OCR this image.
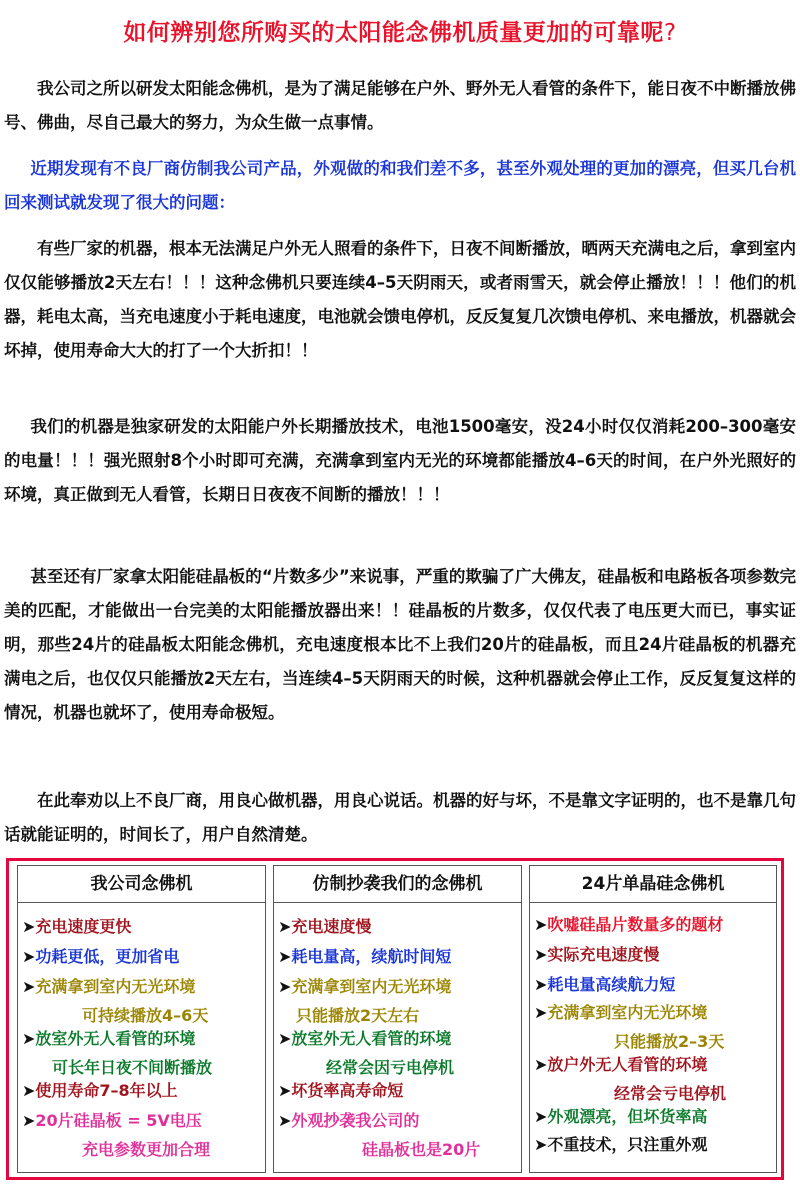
如何辨别您所购买的太阳能念佛机质量更加的可靠呢?
我公司之所以研发太阳能念佛机，是为了满足能够在户外、野外无人看管的条件下，能日夜不中断播放佛号、佛曲，尽自己最大的努力，为众生做一点事情。
近期发现有不良厂商仿制我公司产品，外观做的和我们差不多，甚至外观处理的更加的漂亮，但买几台机回来测试就发现了很大的问题：
有些厂家的机器，根本无法满足户外无人照看的条件下，日夜不间断播放，晒两天充满电之后，拿到室内仅仅能够播放2天左右！！！这种念佛机只要连续4–5天阴雨天，或者雨雪天，就会停止播放！！！他们的机器，耗电太高，当充电速度小于耗电速度，电池就会馈电停机，反反复复几次馈电停机、来电播放，机器就会坏掉，使用寿命大大的打了一个大折扣！！
我们的机器是独家研发的太阳能户外长期播放技术，电池1500毫安，没24小时仅仅消耗200–300毫安的电量！！！强光照射8个小时即可充满，充满拿到室内无光的环境都能播放4–6天的时间，在户外光照好的环境，真正做到无人看管，长期日日夜夜不间断的播放！！！
甚至还有厂家拿太阳能硅晶板的“片数多少”来说事，严重的欺骗了广大佛友，硅晶板和电路板各项参数完美的匹配，才能做出一台完美的太阳能播放器出来！！硅晶板的片数多，仅仅代表了电压更大而已，事实证明，那些24片的硅晶板太阳能念佛机，充电速度根本比不上我们20片的硅晶板，而且24片硅晶板的机器充满电之后，也仅仅只能播放2天左右，当连续4–5天阴雨天的时候，这种机器就会停止工作，反反复复这样的情况，机器也就坏了，使用寿命极短。
在此奉劝以上不良厂商，用良心做机器，用良心说话。机器的好与坏，不是靠文字证明的，也不是靠几句话就能证明的，时间长了，用户自然清楚。
我公司念佛机
➤充电速度更快
➤功耗更低，更加省电
➤充满拿到室内无光环境
可持续播放4–6天
➤放室外无人看管的环境
可长年日夜不间断播放
➤使用寿命7–8年以上
➤20片硅晶板 = 5V电压
充电参数更加合理
仿制抄袭我们的念佛机
➤充电速度慢
➤耗电量高，续航时间短
➤充满拿到室内无光环境
只能播放2天左右
➤放室外无人看管的环境
经常会因亏电停机
➤坏货率高寿命短
➤外观抄袭我公司的
硅晶板也是20片
24片单晶硅念佛机
➤吹嘘硅晶片数量多的题材
➤实际充电速度慢
➤耗电量高续航力短
➤充满拿到室内无光环境
只能播放2–3天
➤放户外无人看管的环境
经常会亏电停机
➤外观漂亮，但坏货率高
➤不重技术，只注重外观
